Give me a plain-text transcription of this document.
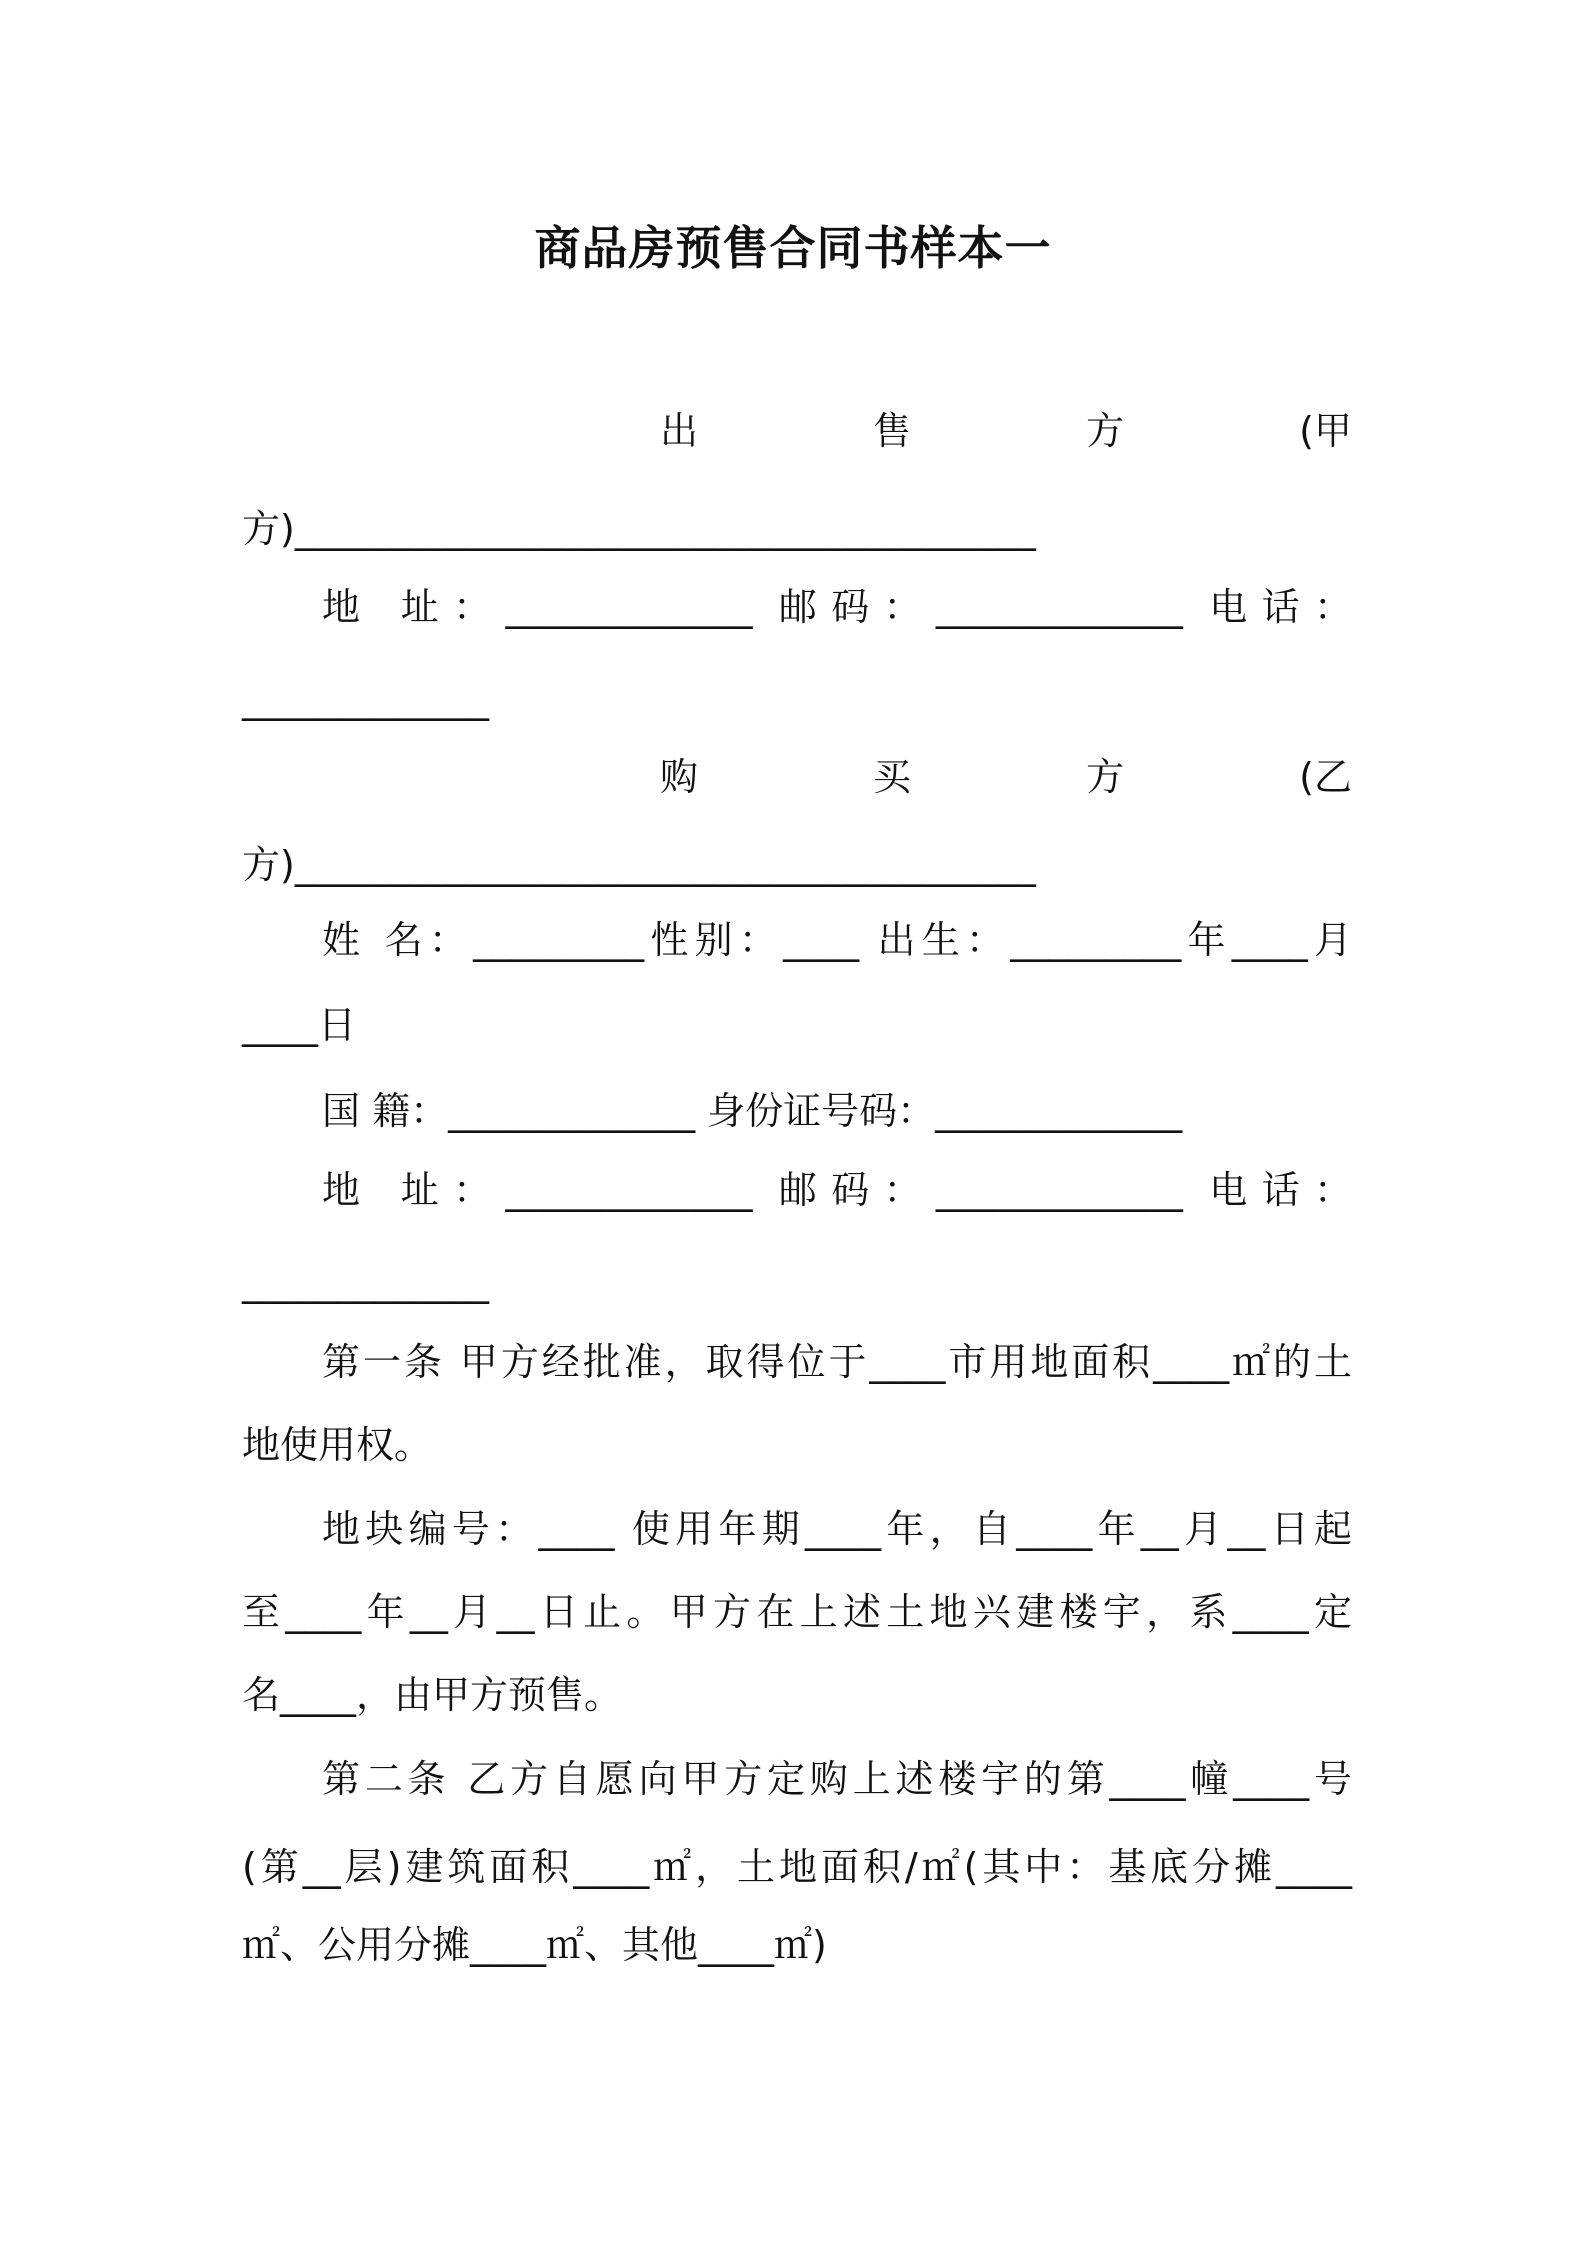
商品房预售合同书样本一
出	售	方	(甲
方)_______________________________________
地 址：_____________ 邮码：_____________ 电话：
_____________
购	买	方	(乙
方)_______________________________________
姓 名：_________性别：____ 出生：_________年____月
____日
国 籍：_____________ 身份证号码：_____________
地 址：_____________ 邮码：_____________ 电话：
_____________
第一条 甲方经批准，取得位于____市用地面积____㎡的土
地使用权。
地块编号：____ 使用年期____年，自____年__月__日起
至____年__月__日止。甲方在上述土地兴建楼宇，系____定
名____，由甲方预售。
第二条 乙方自愿向甲方定购上述楼宇的第____幢____号
(第__层)建筑面积____㎡，土地面积/㎡(其中：基底分摊____
㎡、公用分摊____㎡、其他____㎡)
